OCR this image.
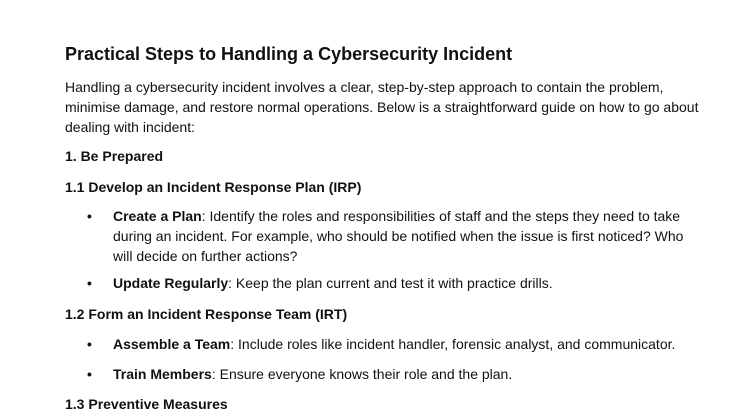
Practical Steps to Handling a Cybersecurity Incident

Handling a cybersecurity incident involves a clear, step-by-step approach to contain the problem, minimise damage, and restore normal operations. Below is a straightforward guide on how to go about dealing with incident:

1. Be Prepared
1.1 Develop an Incident Response Plan (IRP)
• Create a Plan: Identify the roles and responsibilities of staff and the steps they need to take during an incident. For example, who should be notified when the issue is first noticed? Who will decide on further actions?
• Update Regularly: Keep the plan current and test it with practice drills.
1.2 Form an Incident Response Team (IRT)
• Assemble a Team: Include roles like incident handler, forensic analyst, and communicator.
• Train Members: Ensure everyone knows their role and the plan.
1.3 Preventive Measures
